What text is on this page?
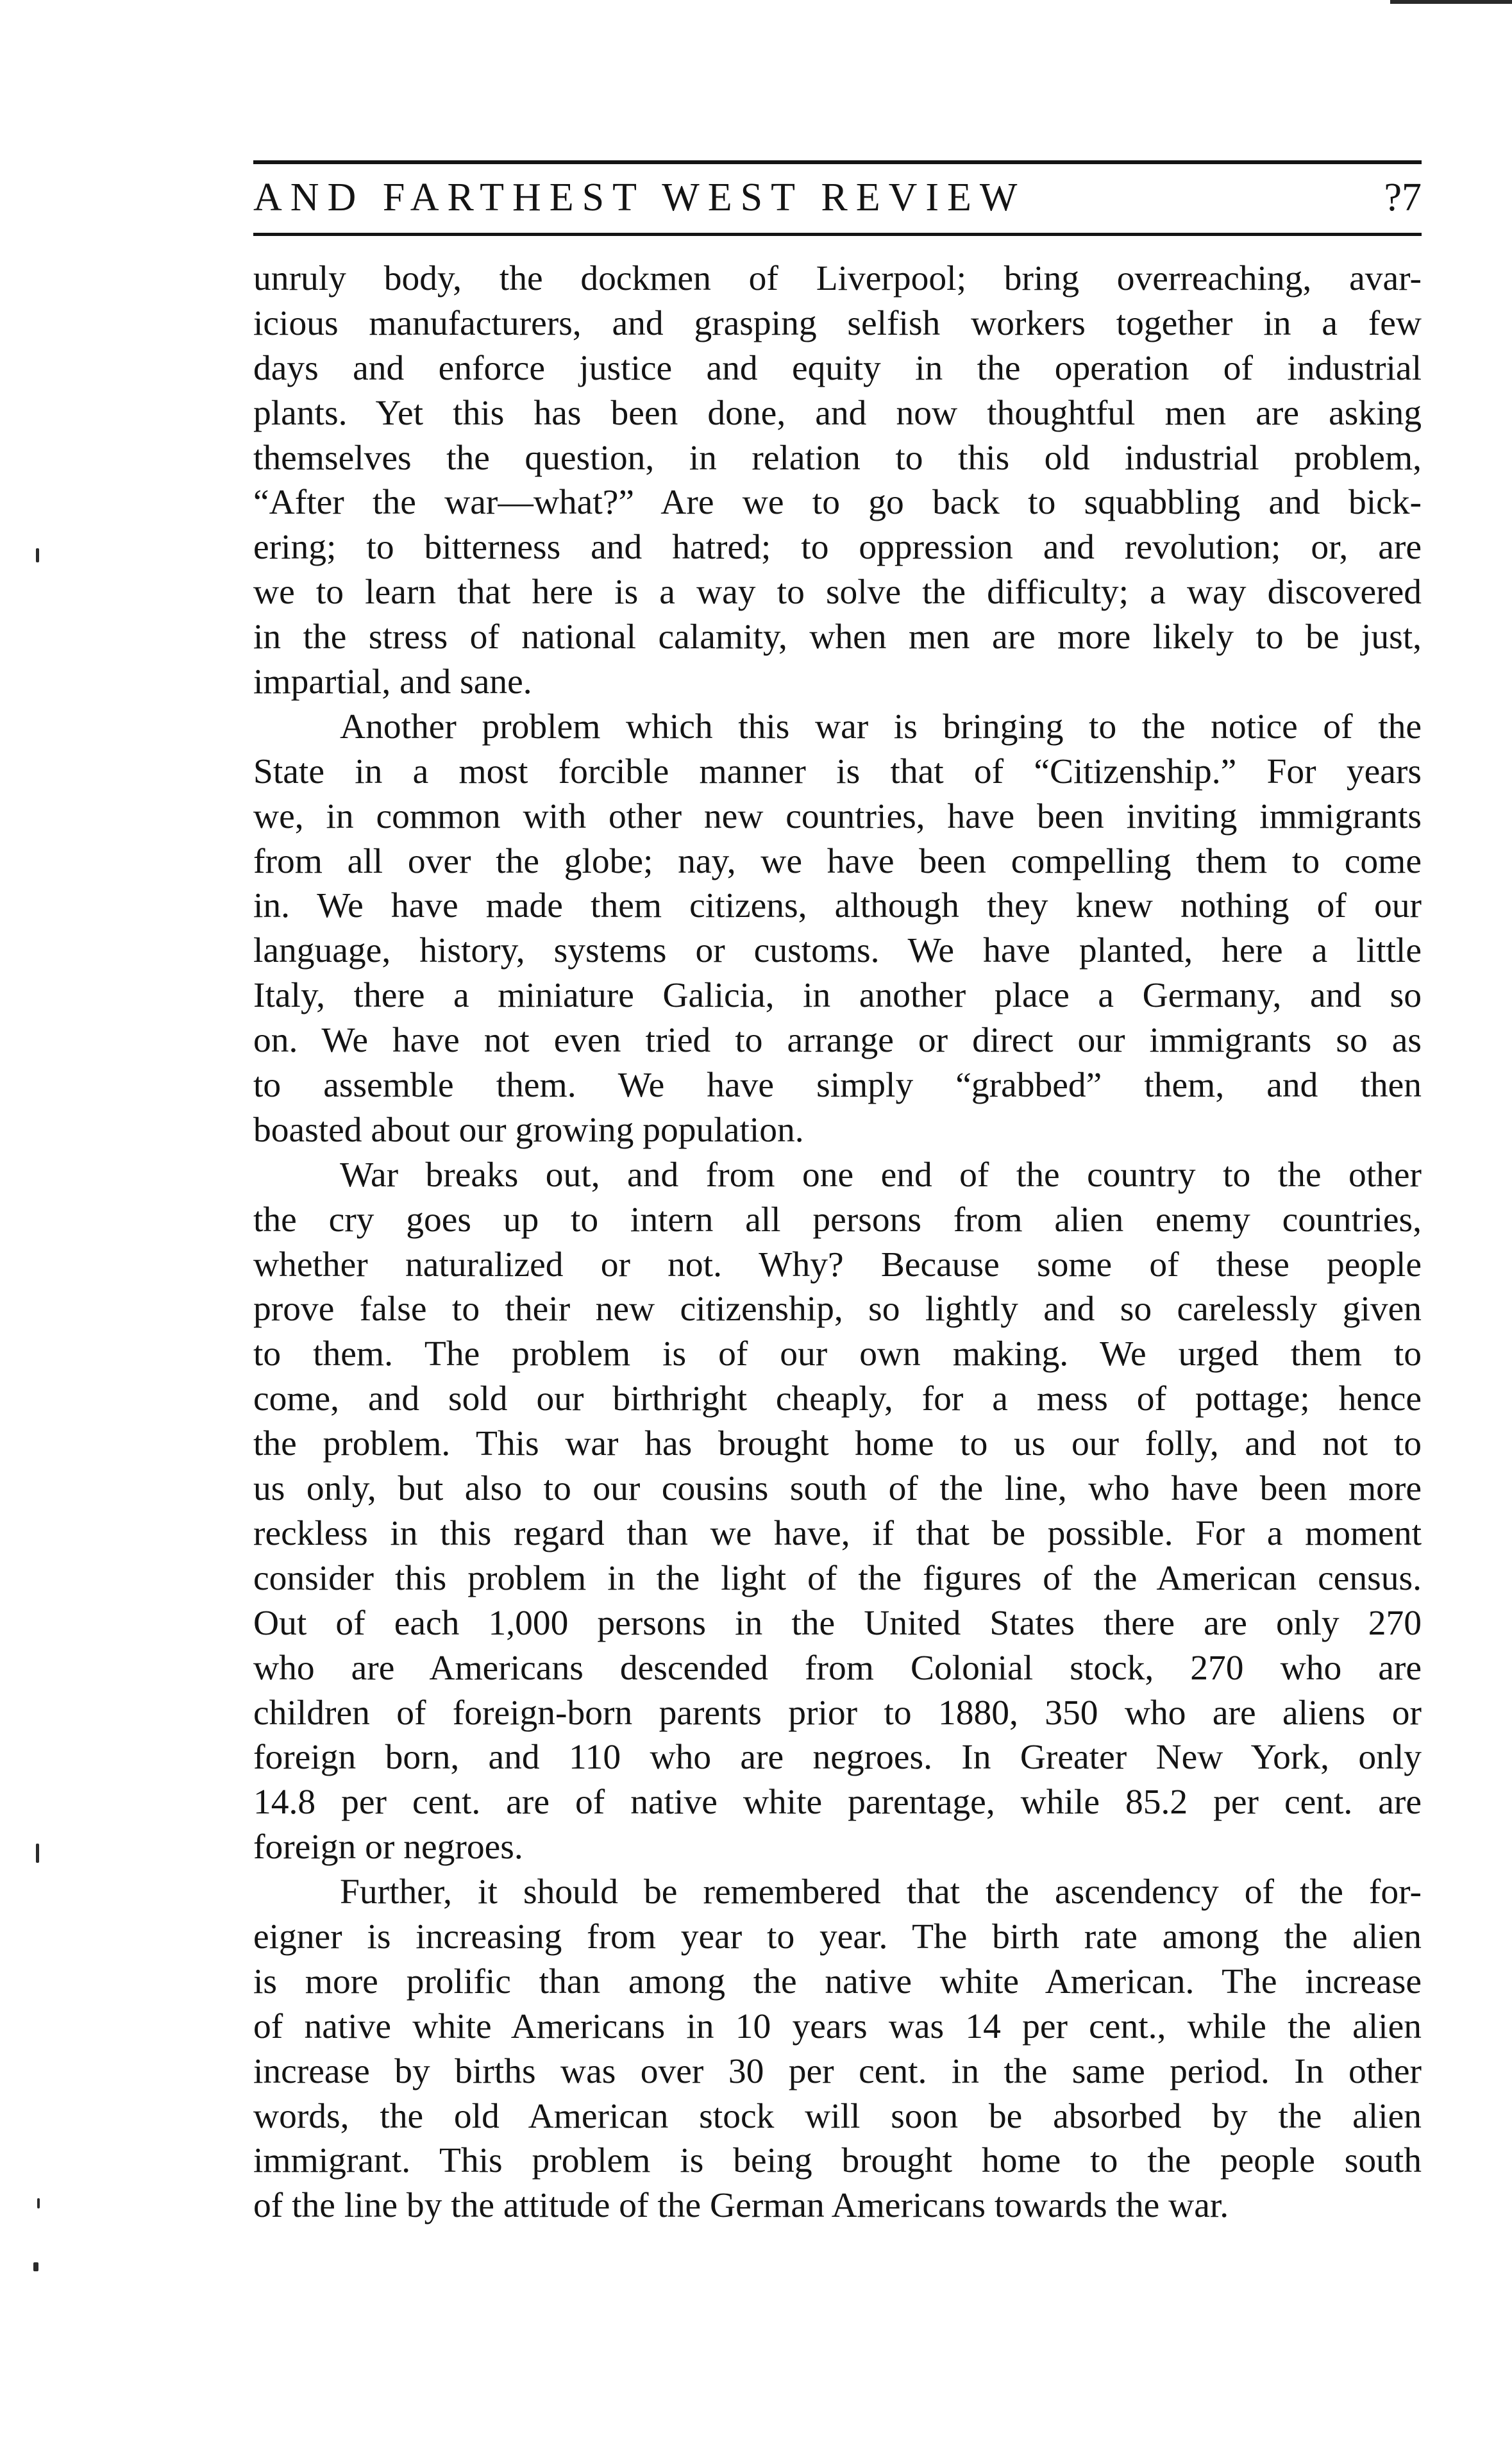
AND FARTHEST WEST REVIEW	?7
unruly body, the dockmen of Liverpool; bring overreaching, avar-
icious manufacturers, and grasping selfish workers together in a few
days and enforce justice and equity in the operation of industrial
plants. Yet this has been done, and now thoughtful men are asking
themselves the question, in relation to this old industrial problem,
“After the war—what?” Are we to go back to squabbling and bick-
ering; to bitterness and hatred; to oppression and revolution; or, are
we to learn that here is a way to solve the difficulty; a way discovered
in the stress of national calamity, when men are more likely to be just,
impartial, and sane.
Another problem which this war is bringing to the notice of the
State in a most forcible manner is that of “Citizenship.” For years
we, in common with other new countries, have been inviting immigrants
from all over the globe; nay, we have been compelling them to come
in. We have made them citizens, although they knew nothing of our
language, history, systems or customs. We have planted, here a little
Italy, there a miniature Galicia, in another place a Germany, and so
on. We have not even tried to arrange or direct our immigrants so as
to assemble them. We have simply “grabbed” them, and then
boasted about our growing population.
War breaks out, and from one end of the country to the other
the cry goes up to intern all persons from alien enemy countries,
whether naturalized or not. Why? Because some of these people
prove false to their new citizenship, so lightly and so carelessly given
to them. The problem is of our own making. We urged them to
come, and sold our birthright cheaply, for a mess of pottage; hence
the problem. This war has brought home to us our folly, and not to
us only, but also to our cousins south of the line, who have been more
reckless in this regard than we have, if that be possible. For a moment
consider this problem in the light of the figures of the American census.
Out of each 1,000 persons in the United States there are only 270
who are Americans descended from Colonial stock, 270 who are
children of foreign-born parents prior to 1880, 350 who are aliens or
foreign born, and 110 who are negroes. In Greater New York, only
14.8 per cent. are of native white parentage, while 85.2 per cent. are
foreign or negroes.
Further, it should be remembered that the ascendency of the for-
eigner is increasing from year to year. The birth rate among the alien
is more prolific than among the native white American. The increase
of native white Americans in 10 years was 14 per cent., while the alien
increase by births was over 30 per cent. in the same period. In other
words, the old American stock will soon be absorbed by the alien
immigrant. This problem is being brought home to the people south
of the line by the attitude of the German Americans towards the war.
